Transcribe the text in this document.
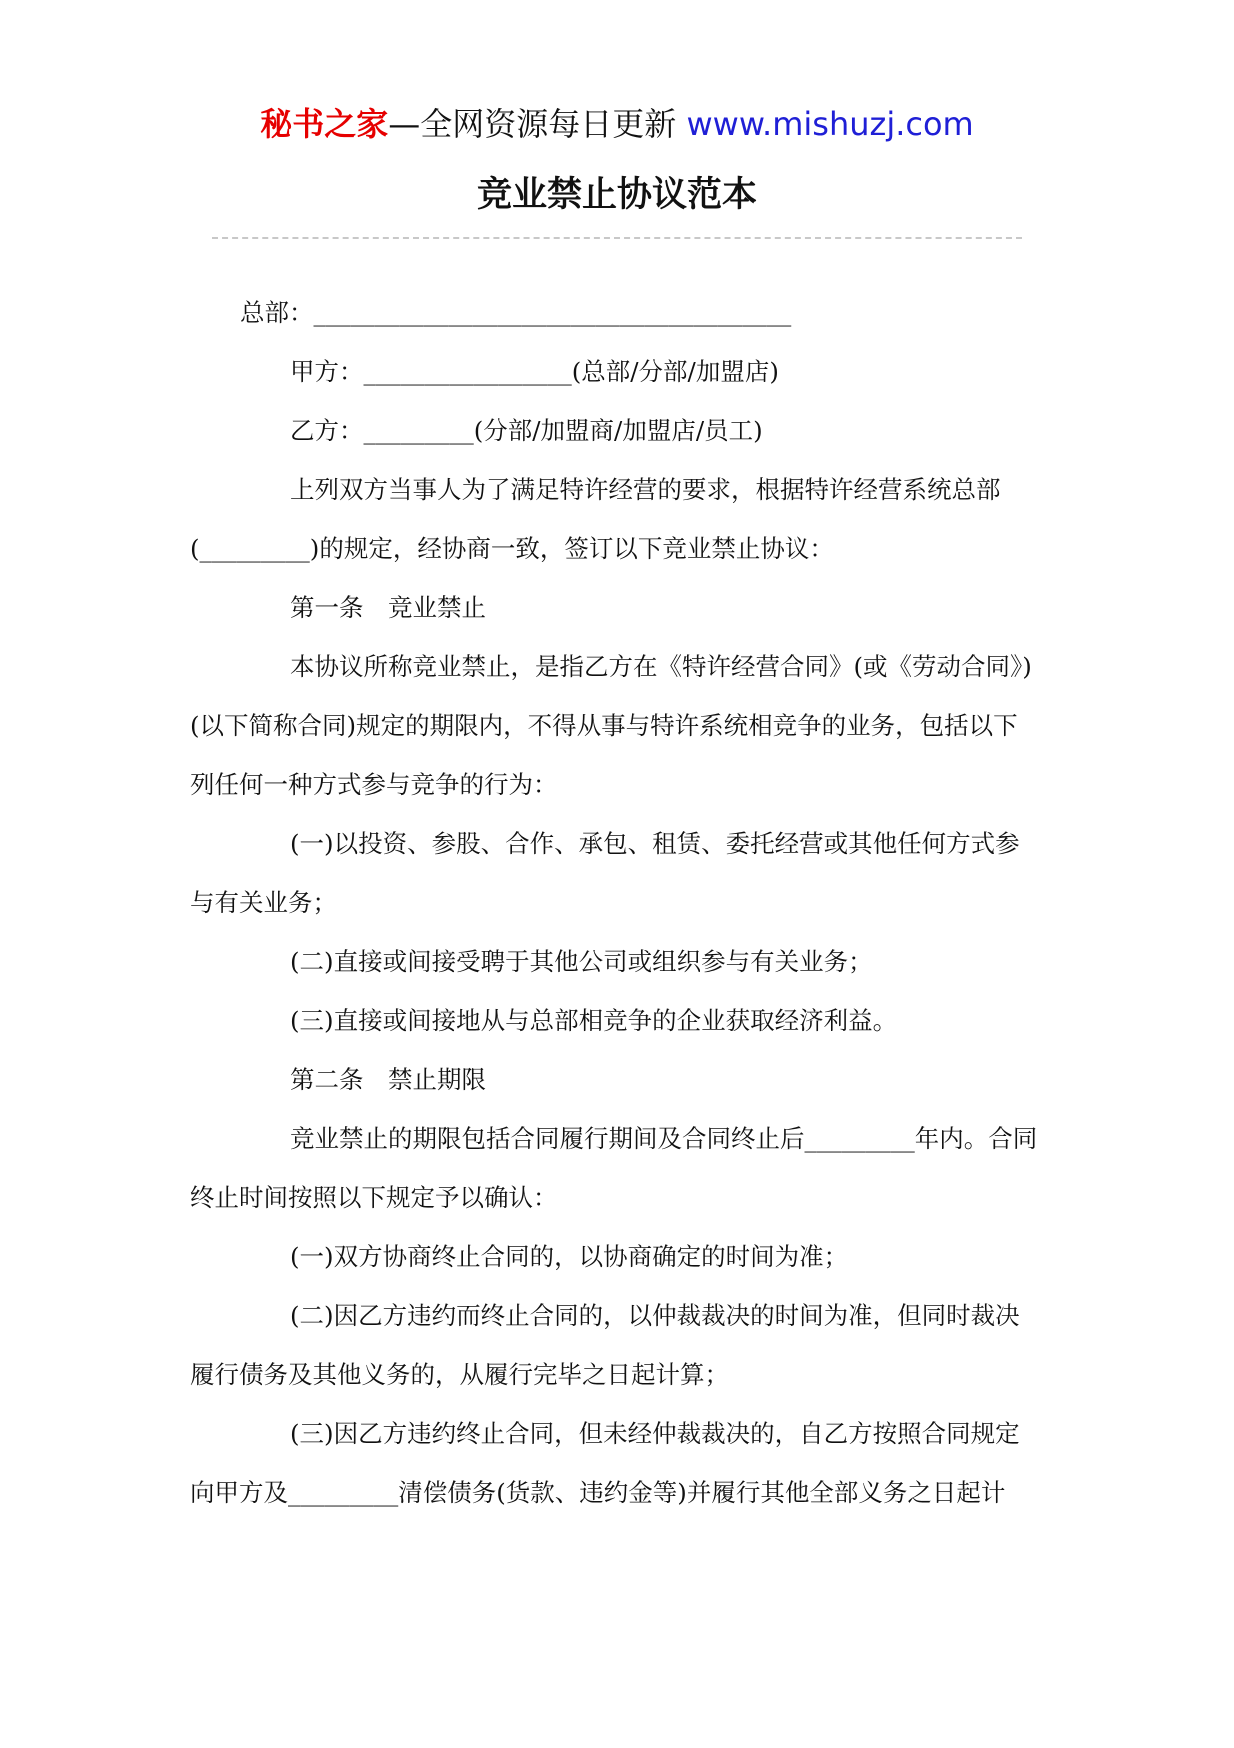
秘书之家—全网资源每日更新 www.mishuzj.com
竞业禁止协议范本

总部：_______________________________________

甲方：_________________(总部/分部/加盟店)

乙方：_________(分部/加盟商/加盟店/员工)

上列双方当事人为了满足特许经营的要求，根据特许经营系统总部(_________)的规定，经协商一致，签订以下竞业禁止协议：

第一条　竞业禁止

本协议所称竞业禁止，是指乙方在《特许经营合同》(或《劳动合同》)(以下简称合同)规定的期限内，不得从事与特许系统相竞争的业务，包括以下列任何一种方式参与竞争的行为：

(一)以投资、参股、合作、承包、租赁、委托经营或其他任何方式参与有关业务；

(二)直接或间接受聘于其他公司或组织参与有关业务；

(三)直接或间接地从与总部相竞争的企业获取经济利益。

第二条　禁止期限

竞业禁止的期限包括合同履行期间及合同终止后_________年内。合同终止时间按照以下规定予以确认：

(一)双方协商终止合同的，以协商确定的时间为准；

(二)因乙方违约而终止合同的，以仲裁裁决的时间为准，但同时裁决履行债务及其他义务的，从履行完毕之日起计算；

(三)因乙方违约终止合同，但未经仲裁裁决的，自乙方按照合同规定向甲方及_________清偿债务(货款、违约金等)并履行其他全部义务之日起计
